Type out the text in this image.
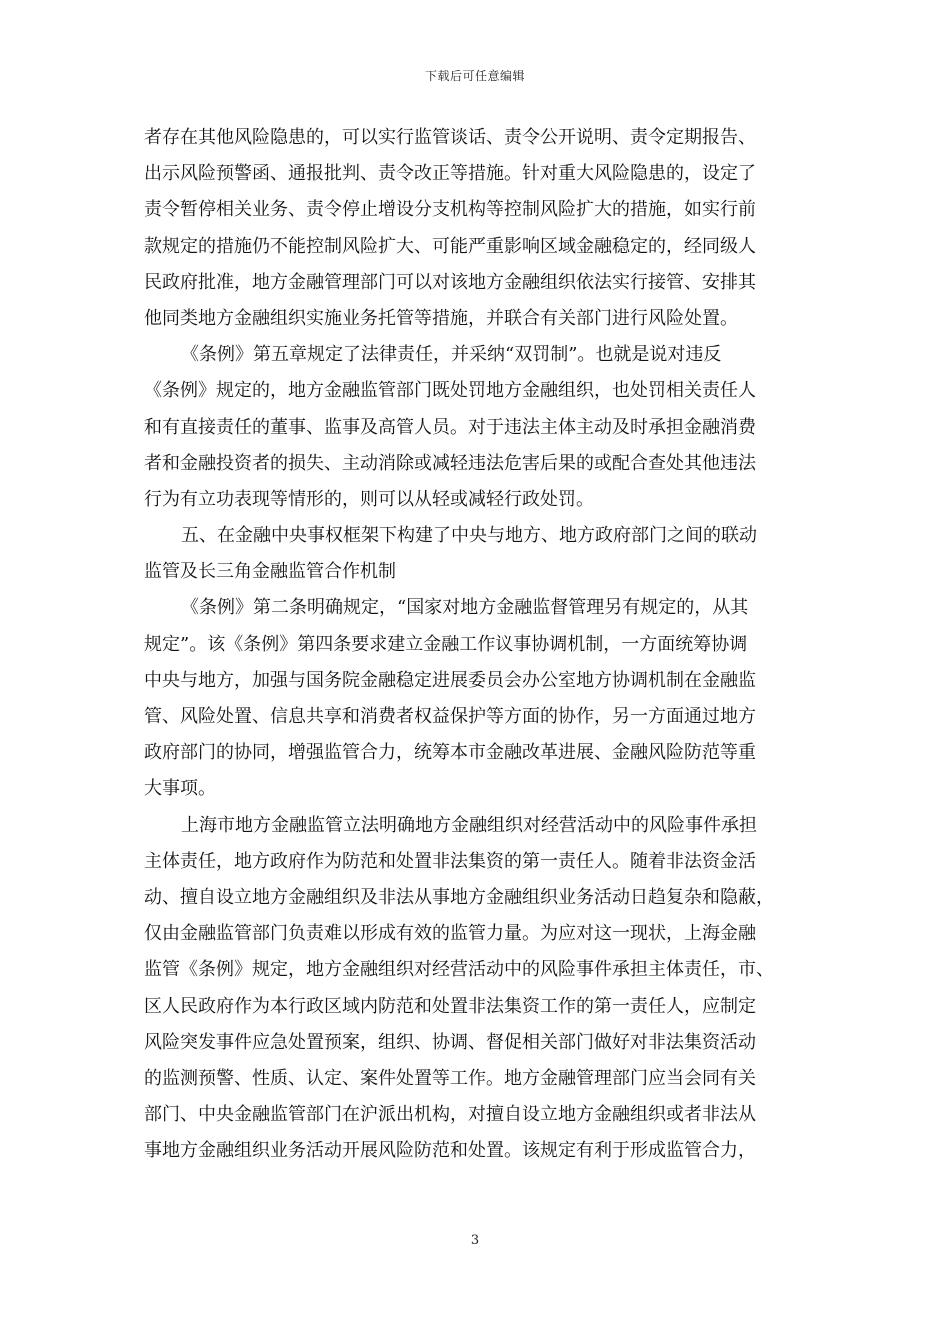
下载后可任意编辑
者存在其他风险隐患的，可以实行监管谈话、责令公开说明、责令定期报告、
出示风险预警函、通报批判、责令改正等措施。针对重大风险隐患的，设定了
责令暂停相关业务、责令停止增设分支机构等控制风险扩大的措施，如实行前
款规定的措施仍不能控制风险扩大、可能严重影响区域金融稳定的，经同级人
民政府批准，地方金融管理部门可以对该地方金融组织依法实行接管、安排其
他同类地方金融组织实施业务托管等措施，并联合有关部门进行风险处置。
《条例》第五章规定了法律责任，并采纳“双罚制”。也就是说对违反
《条例》规定的，地方金融监管部门既处罚地方金融组织，也处罚相关责任人
和有直接责任的董事、监事及高管人员。对于违法主体主动及时承担金融消费
者和金融投资者的损失、主动消除或减轻违法危害后果的或配合查处其他违法
行为有立功表现等情形的，则可以从轻或减轻行政处罚。
五、在金融中央事权框架下构建了中央与地方、地方政府部门之间的联动
监管及长三角金融监管合作机制
《条例》第二条明确规定，“国家对地方金融监督管理另有规定的，从其
规定”。该《条例》第四条要求建立金融工作议事协调机制，一方面统筹协调
中央与地方，加强与国务院金融稳定进展委员会办公室地方协调机制在金融监
管、风险处置、信息共享和消费者权益保护等方面的协作，另一方面通过地方
政府部门的协同，增强监管合力，统筹本市金融改革进展、金融风险防范等重
大事项。
上海市地方金融监管立法明确地方金融组织对经营活动中的风险事件承担
主体责任，地方政府作为防范和处置非法集资的第一责任人。随着非法资金活
动、擅自设立地方金融组织及非法从事地方金融组织业务活动日趋复杂和隐蔽，
仅由金融监管部门负责难以形成有效的监管力量。为应对这一现状，上海金融
监管《条例》规定，地方金融组织对经营活动中的风险事件承担主体责任，市、
区人民政府作为本行政区域内防范和处置非法集资工作的第一责任人，应制定
风险突发事件应急处置预案，组织、协调、督促相关部门做好对非法集资活动
的监测预警、性质、认定、案件处置等工作。地方金融管理部门应当会同有关
部门、中央金融监管部门在沪派出机构，对擅自设立地方金融组织或者非法从
事地方金融组织业务活动开展风险防范和处置。该规定有利于形成监管合力，
3
